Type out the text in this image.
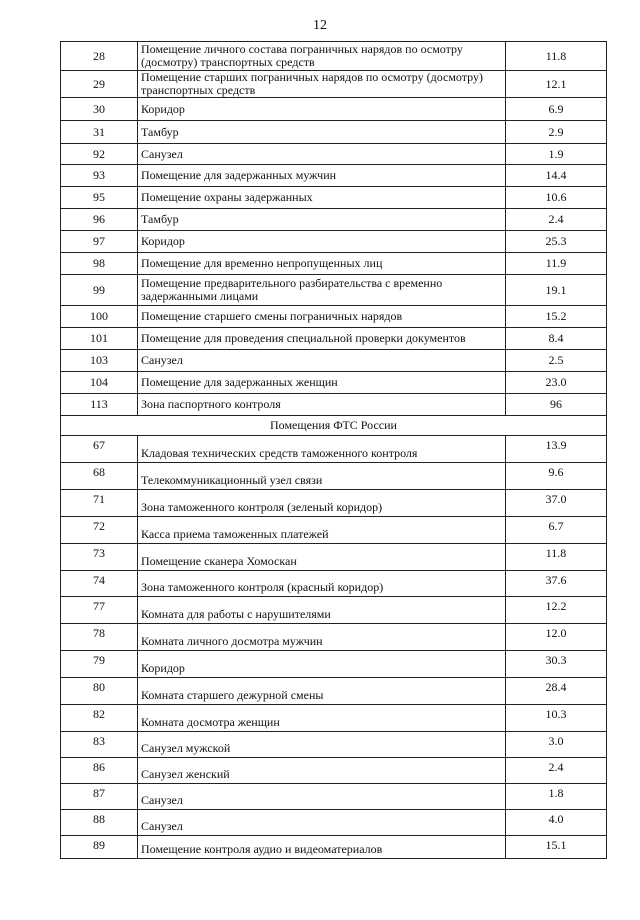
12
28	Помещение личного состава пограничных нарядов по осмотру (досмотру) транспортных средств	11.8
29	Помещение старших пограничных нарядов по осмотру (досмотру) транспортных средств	12.1
30	Коридор	6.9
31	Тамбур	2.9
92	Санузел	1.9
93	Помещение для задержанных мужчин	14.4
95	Помещение охраны задержанных	10.6
96	Тамбур	2.4
97	Коридор	25.3
98	Помещение для временно непропущенных лиц	11.9
99	Помещение предварительного разбирательства с временно задержанными лицами	19.1
100	Помещение старшего смены пограничных нарядов	15.2
101	Помещение для проведения специальной проверки документов	8.4
103	Санузел	2.5
104	Помещение для задержанных женщин	23.0
113	Зона паспортного контроля	96
Помещения ФТС России		
67	Кладовая технических средств таможенного контроля	13.9
68	Телекоммуникационный узел связи	9.6
71	Зона таможенного контроля (зеленый коридор)	37.0
72	Касса приема таможенных платежей	6.7
73	Помещение сканера Хомоскан	11.8
74	Зона таможенного контроля (красный коридор)	37.6
77	Комната для работы с нарушителями	12.2
78	Комната личного досмотра мужчин	12.0
79	Коридор	30.3
80	Комната старшего дежурной смены	28.4
82	Комната досмотра женщин	10.3
83	Санузел мужской	3.0
86	Санузел женский	2.4
87	Санузел	1.8
88	Санузел	4.0
89	Помещение контроля аудио и видеоматериалов	15.1
